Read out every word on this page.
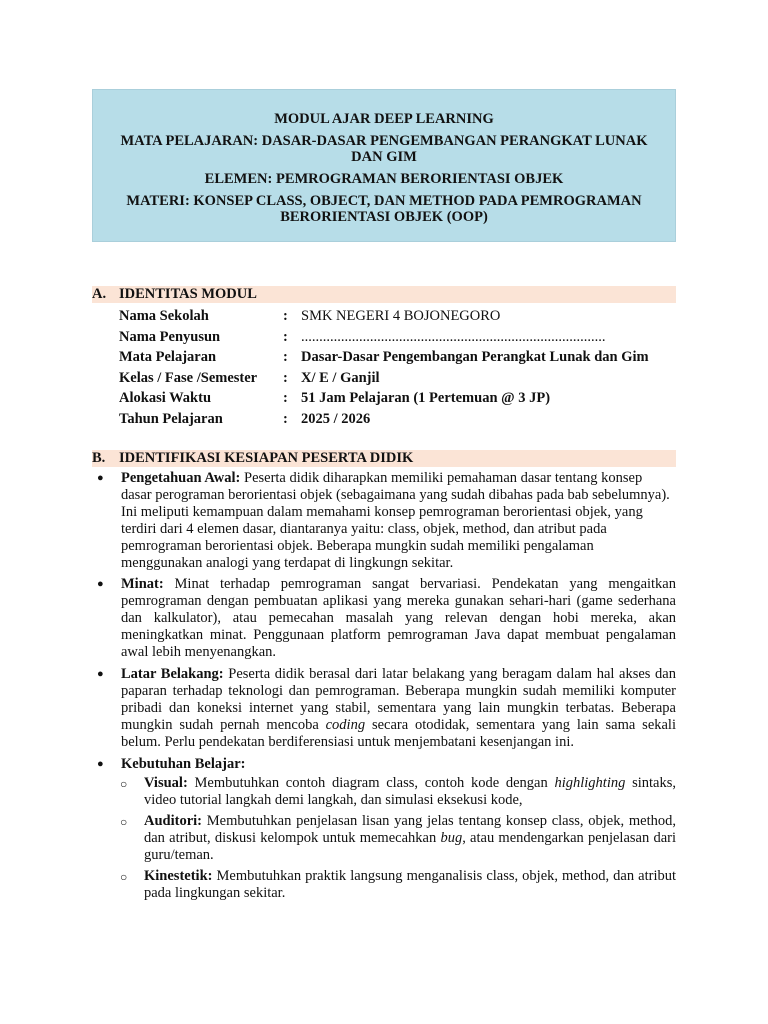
MODUL AJAR DEEP LEARNING
MATA PELAJARAN: DASAR-DASAR PENGEMBANGAN PERANGKAT LUNAK DAN GIM
ELEMEN: PEMROGRAMAN BERORIENTASI OBJEK
MATERI: KONSEP CLASS, OBJECT, DAN METHOD PADA PEMROGRAMAN BERORIENTASI OBJEK (OOP)
A. IDENTITAS MODUL
Nama Sekolah	: SMK NEGERI 4 BOJONEGORO
Nama Penyusun	: ....................................................................................
Mata Pelajaran	: Dasar-Dasar Pengembangan Perangkat Lunak dan Gim
Kelas / Fase /Semester : X/ E / Ganjil
Alokasi Waktu	: 51 Jam Pelajaran (1 Pertemuan @ 3 JP)
Tahun Pelajaran	: 2025 / 2026
B. IDENTIFIKASI KESIAPAN PESERTA DIDIK
● Pengetahuan Awal: Peserta didik diharapkan memiliki pemahaman dasar tentang konsep dasar perograman berorientasi objek (sebagaimana yang sudah dibahas pada bab sebelumnya). Ini meliputi kemampuan dalam memahami konsep pemrograman berorientasi objek, yang terdiri dari 4 elemen dasar, diantaranya yaitu: class, objek, method, dan atribut pada pemrograman berorientasi objek. Beberapa mungkin sudah memiliki pengalaman menggunakan analogi yang terdapat di lingkungn sekitar.
● Minat: Minat terhadap pemrograman sangat bervariasi. Pendekatan yang mengaitkan pemrograman dengan pembuatan aplikasi yang mereka gunakan sehari-hari (game sederhana dan kalkulator), atau pemecahan masalah yang relevan dengan hobi mereka, akan meningkatkan minat. Penggunaan platform pemrograman Java dapat membuat pengalaman awal lebih menyenangkan.
● Latar Belakang: Peserta didik berasal dari latar belakang yang beragam dalam hal akses dan paparan terhadap teknologi dan pemrograman. Beberapa mungkin sudah memiliki komputer pribadi dan koneksi internet yang stabil, sementara yang lain mungkin terbatas. Beberapa mungkin sudah pernah mencoba coding secara otodidak, sementara yang lain sama sekali belum. Perlu pendekatan berdiferensiasi untuk menjembatani kesenjangan ini.
● Kebutuhan Belajar:
○ Visual: Membutuhkan contoh diagram class, contoh kode dengan highlighting sintaks, video tutorial langkah demi langkah, dan simulasi eksekusi kode,
○ Auditori: Membutuhkan penjelasan lisan yang jelas tentang konsep class, objek, method, dan atribut, diskusi kelompok untuk memecahkan bug, atau mendengarkan penjelasan dari guru/teman.
○ Kinestetik: Membutuhkan praktik langsung menganalisis class, objek, method, dan atribut pada lingkungan sekitar.
